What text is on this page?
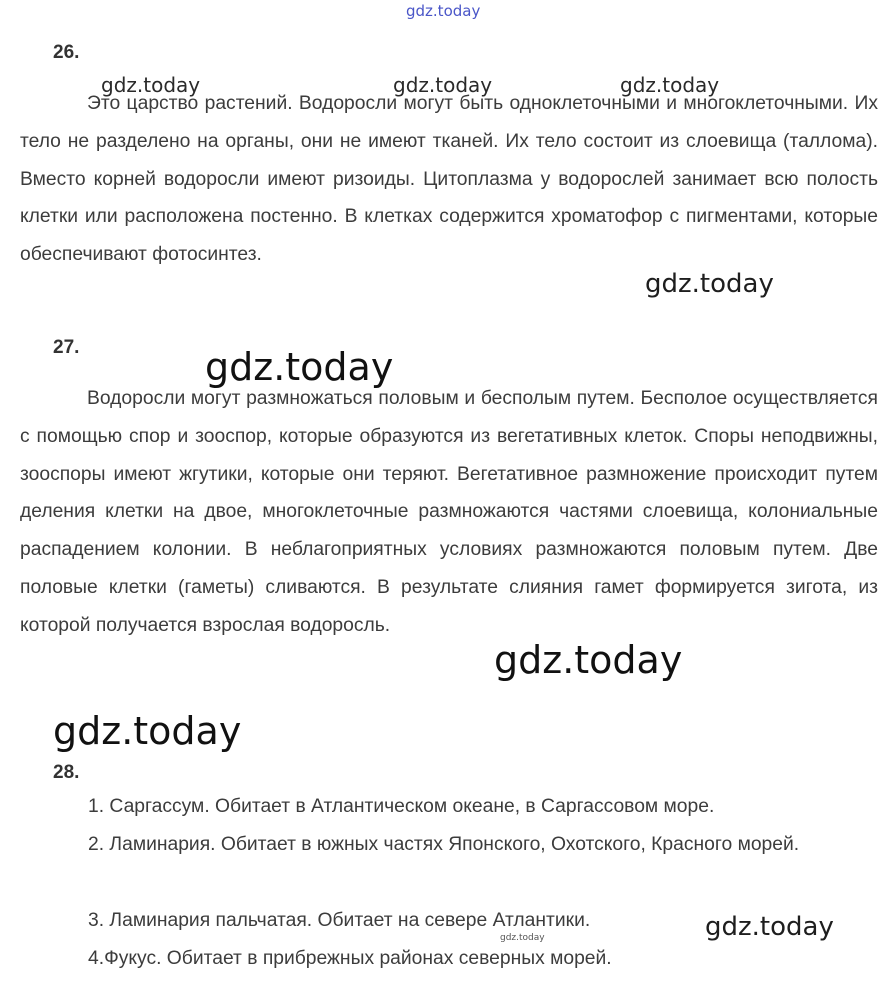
gdz.today
26.

Это царство растений. Водоросли могут быть одноклеточными и многоклеточными. Их тело не разделено на органы, они не имеют тканей. Их тело состоит из слоевища (таллома). Вместо корней водоросли имеют ризоиды. Цитоплазма у водорослей занимает всю полость клетки или расположена постенно. В клетках содержится хроматофор с пигментами, которые обеспечивают фотосинтез.

gdz.today	gdz.today	gdz.today
gdz.today
27.	gdz.today

Водоросли могут размножаться половым и бесполым путем. Бесполое осуществляется с помощью спор и зооспор, которые образуются из вегетативных клеток. Споры неподвижны, зооспоры имеют жгутики, которые они теряют. Вегетативное размножение происходит путем деления клетки на двое, многоклеточные размножаются частями слоевища, колониальные распадением колонии. В неблагоприятных условиях размножаются половым путем. Две половые клетки (гаметы) сливаются. В результате слияния гамет формируется зигота, из которой получается взрослая водоросль.

gdz.today
gdz.today
28.

1. Саргассум. Обитает в Атлантическом океане, в Саргассовом море.

2. Ламинария. Обитает в южных частях Японского, Охотского, Красного морей.

3. Ламинария пальчатая. Обитает на севере Атлантики.

4.Фукус. Обитает в прибрежных районах северных морей.

gdz.today
gdz.today
